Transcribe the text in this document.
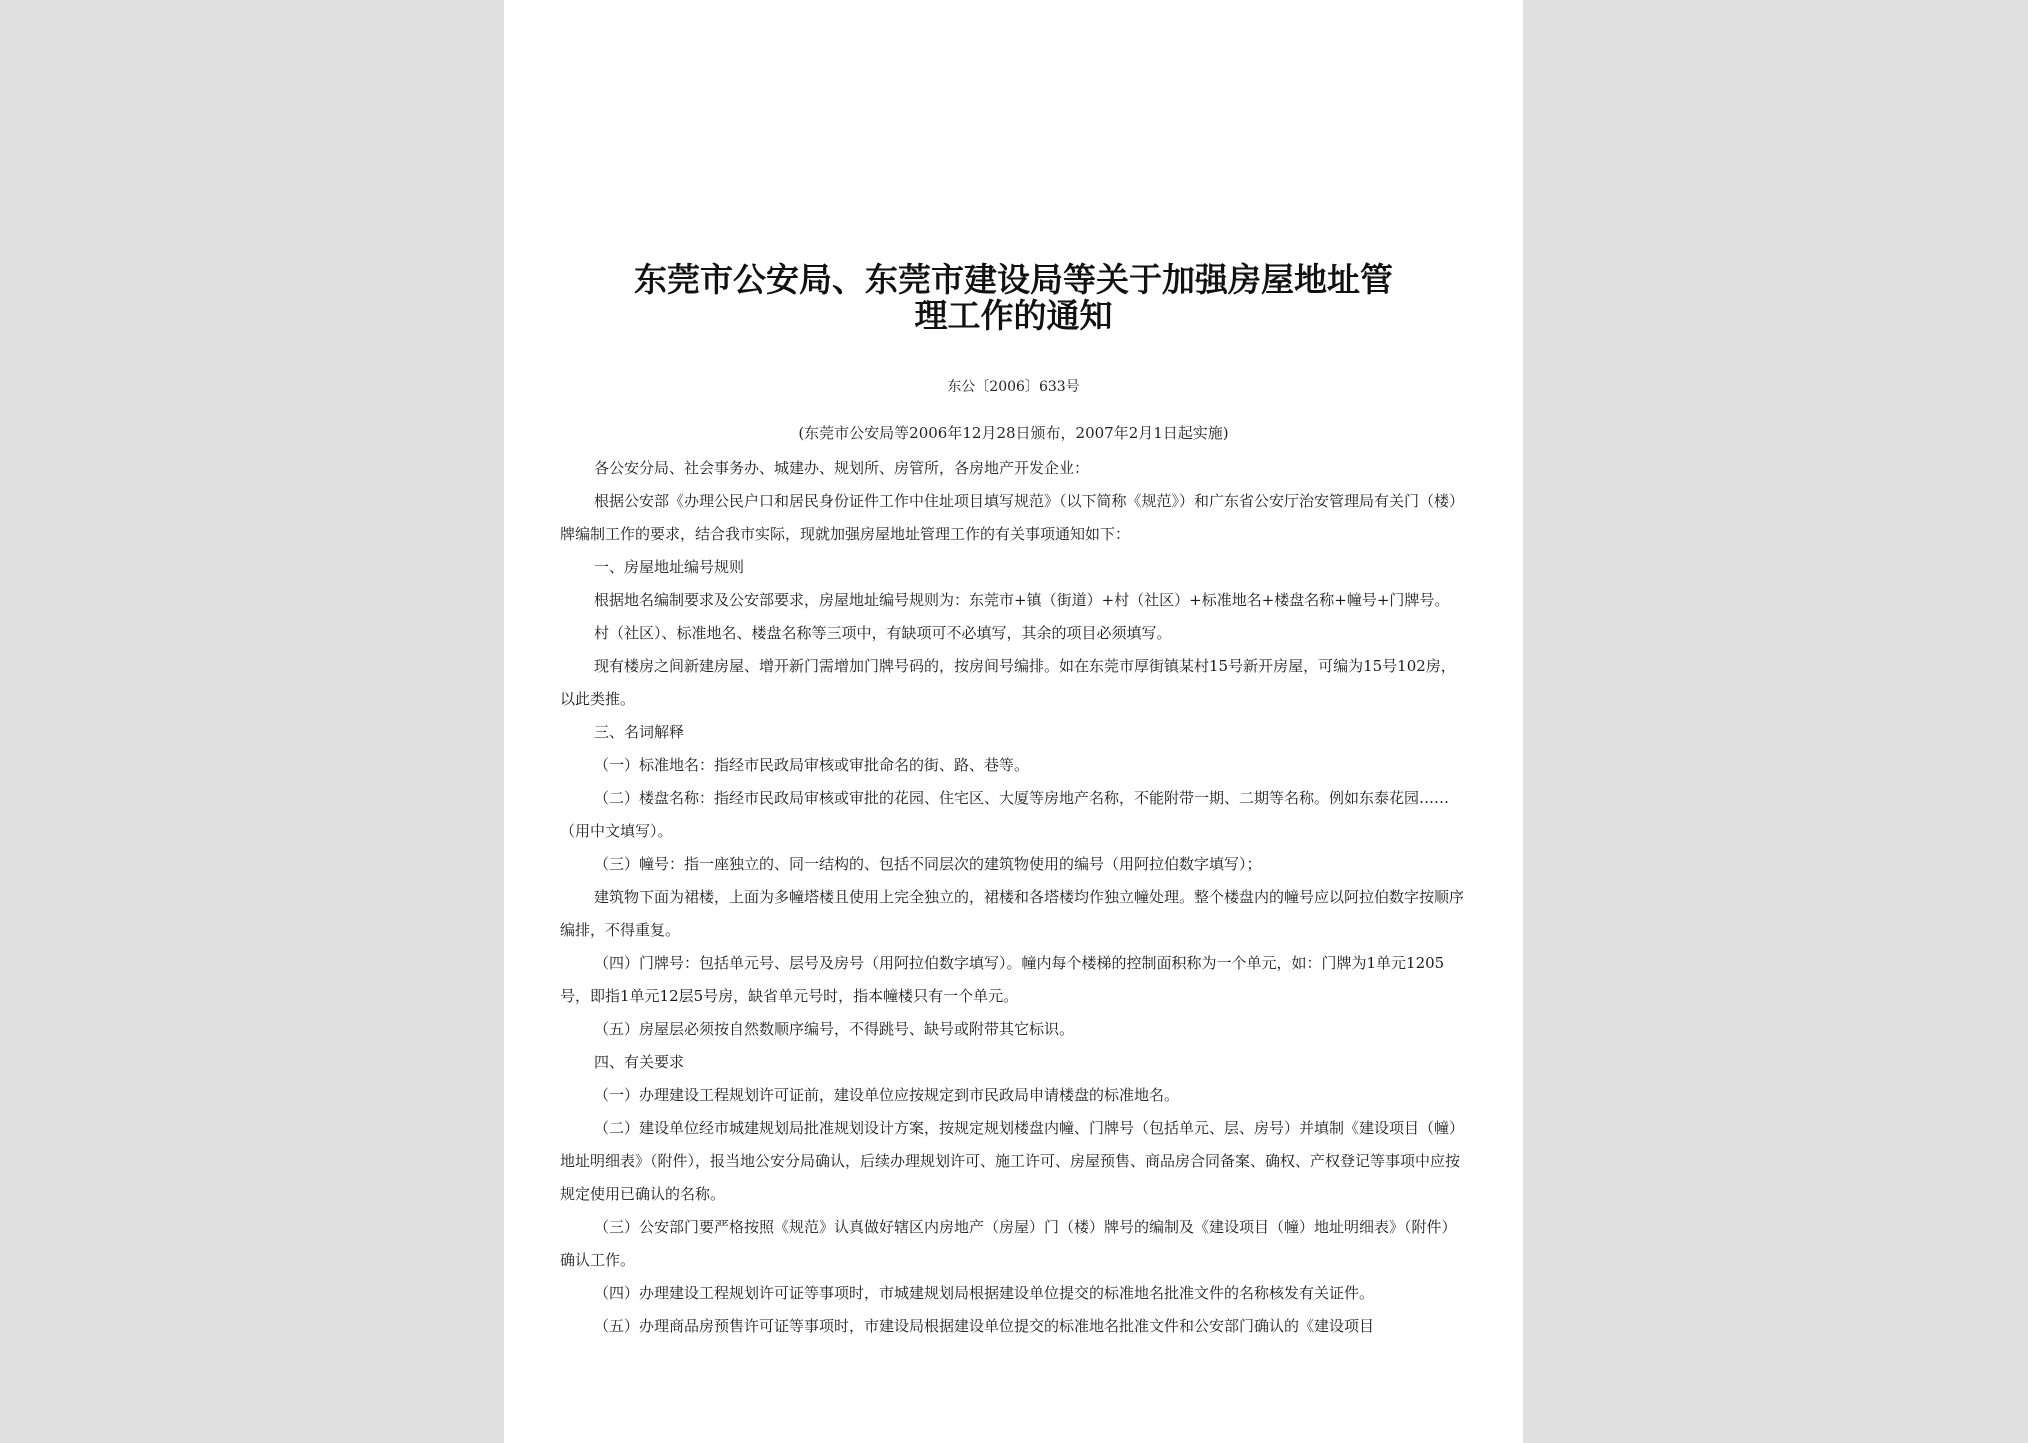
东莞市公安局、东莞市建设局等关于加强房屋地址管
理工作的通知
东公〔2006〕633号
(东莞市公安局等2006年12月28日颁布，2007年2月1日起实施)

各公安分局、社会事务办、城建办、规划所、房管所，各房地产开发企业：

根据公安部《办理公民户口和居民身份证件工作中住址项目填写规范》（以下简称《规范》）和广东省公安厅治安管理局有关门（楼）牌编制工作的要求，结合我市实际，现就加强房屋地址管理工作的有关事项通知如下：

一、房屋地址编号规则

根据地名编制要求及公安部要求，房屋地址编号规则为：东莞市+镇（街道）+村（社区）+标准地名+楼盘名称+幢号+门牌号。

村（社区）、标准地名、楼盘名称等三项中，有缺项可不必填写，其余的项目必须填写。

现有楼房之间新建房屋、增开新门需增加门牌号码的，按房间号编排。如在东莞市厚街镇某村15号新开房屋，可编为15号102房，以此类推。

三、名词解释

（一）标准地名：指经市民政局审核或审批命名的街、路、巷等。

（二）楼盘名称：指经市民政局审核或审批的花园、住宅区、大厦等房地产名称，不能附带一期、二期等名称。例如东泰花园……（用中文填写）。

（三）幢号：指一座独立的、同一结构的、包括不同层次的建筑物使用的编号（用阿拉伯数字填写）；

建筑物下面为裙楼，上面为多幢塔楼且使用上完全独立的，裙楼和各塔楼均作独立幢处理。整个楼盘内的幢号应以阿拉伯数字按顺序编排，不得重复。

（四）门牌号：包括单元号、层号及房号（用阿拉伯数字填写）。幢内每个楼梯的控制面积称为一个单元，如：门牌为1单元1205号，即指1单元12层5号房，缺省单元号时，指本幢楼只有一个单元。

（五）房屋层必须按自然数顺序编号，不得跳号、缺号或附带其它标识。

四、有关要求

（一）办理建设工程规划许可证前，建设单位应按规定到市民政局申请楼盘的标准地名。

（二）建设单位经市城建规划局批准规划设计方案，按规定规划楼盘内幢、门牌号（包括单元、层、房号）并填制《建设项目（幢）地址明细表》（附件），报当地公安分局确认，后续办理规划许可、施工许可、房屋预售、商品房合同备案、确权、产权登记等事项中应按规定使用已确认的名称。

（三）公安部门要严格按照《规范》认真做好辖区内房地产（房屋）门（楼）牌号的编制及《建设项目（幢）地址明细表》（附件）确认工作。

（四）办理建设工程规划许可证等事项时，市城建规划局根据建设单位提交的标准地名批准文件的名称核发有关证件。

（五）办理商品房预售许可证等事项时，市建设局根据建设单位提交的标准地名批准文件和公安部门确认的《建设项目
